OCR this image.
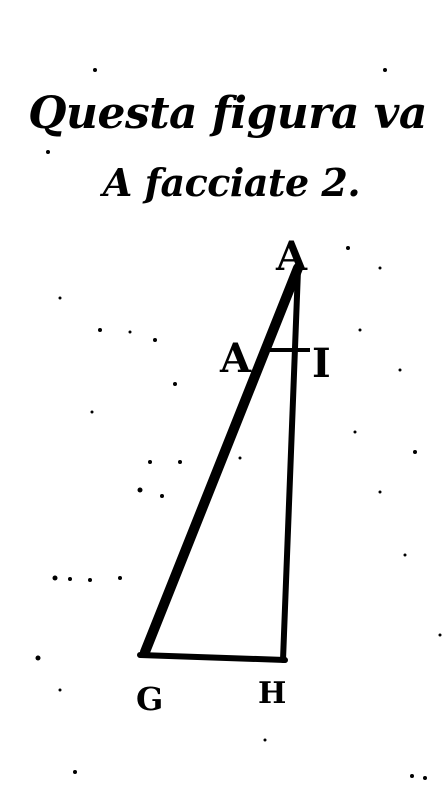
Questa figura va
A facciate 2.
A
A I
G	H
